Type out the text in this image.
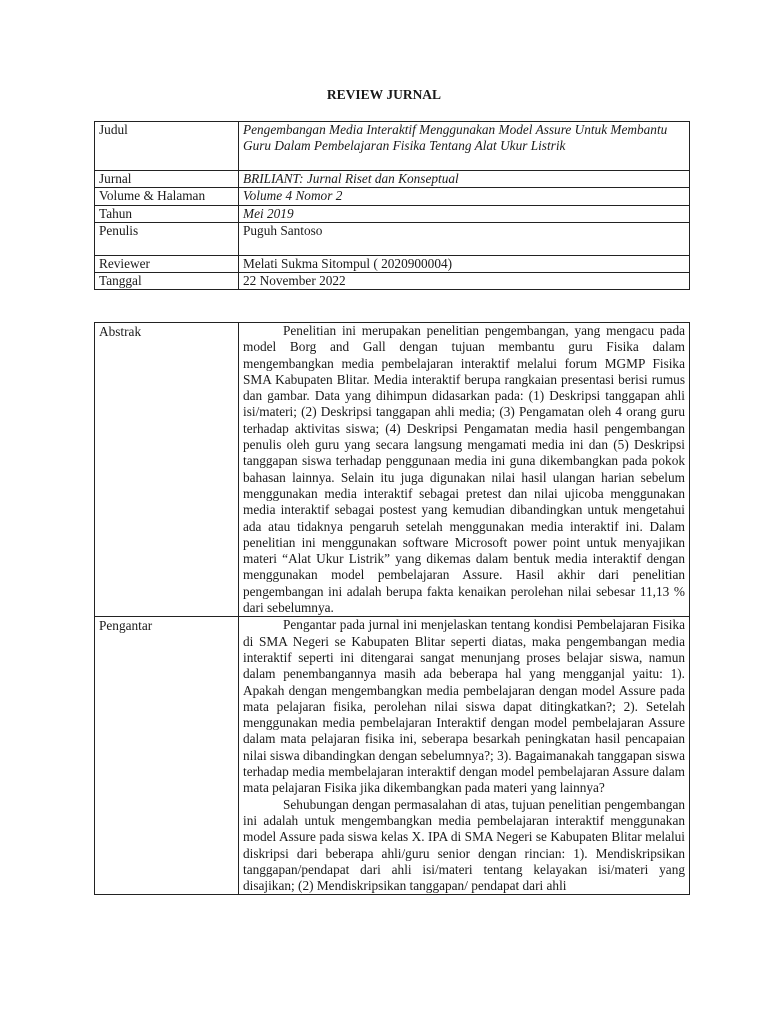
REVIEW JURNAL
Judul	Pengembangan Media Interaktif Menggunakan Model Assure Untuk Membantu Guru Dalam Pembelajaran Fisika Tentang Alat Ukur Listrik
Jurnal	BRILIANT: Jurnal Riset dan Konseptual
Volume & Halaman	Volume 4 Nomor 2
Tahun	Mei 2019
Penulis	Puguh Santoso
Reviewer	Melati Sukma Sitompul ( 2020900004)
Tanggal	22 November 2022
Abstrak	Penelitian ini merupakan penelitian pengembangan, yang mengacu pada model Borg and Gall dengan tujuan membantu guru Fisika dalam mengembangkan media pembelajaran interaktif melalui forum MGMP Fisika SMA Kabupaten Blitar. Media interaktif berupa rangkaian presentasi berisi rumus dan gambar. Data yang dihimpun didasarkan pada: (1) Deskripsi tanggapan ahli isi/materi; (2) Deskripsi tanggapan ahli media; (3) Pengamatan oleh 4 orang guru terhadap aktivitas siswa; (4) Deskripsi Pengamatan media hasil pengembangan penulis oleh guru yang secara langsung mengamati media ini dan (5) Deskripsi tanggapan siswa terhadap penggunaan media ini guna dikembangkan pada pokok bahasan lainnya. Selain itu juga digunakan nilai hasil ulangan harian sebelum menggunakan media interaktif sebagai pretest dan nilai ujicoba menggunakan media interaktif sebagai postest yang kemudian dibandingkan untuk mengetahui ada atau tidaknya pengaruh setelah menggunakan media interaktif ini. Dalam penelitian ini menggunakan software Microsoft power point untuk menyajikan materi “Alat Ukur Listrik” yang dikemas dalam bentuk media interaktif dengan menggunakan model pembelajaran Assure. Hasil akhir dari penelitian pengembangan ini adalah berupa fakta kenaikan perolehan nilai sebesar 11,13 % dari sebelumnya.

Pengantar	Pengantar pada jurnal ini menjelaskan tentang kondisi Pembelajaran Fisika di SMA Negeri se Kabupaten Blitar seperti diatas, maka pengembangan media interaktif seperti ini ditengarai sangat menunjang proses belajar siswa, namun dalam penembangannya masih ada beberapa hal yang mengganjal yaitu: 1). Apakah dengan mengembangkan media pembelajaran dengan model Assure pada mata pelajaran fisika, perolehan nilai siswa dapat ditingkatkan?; 2). Setelah menggunakan media pembelajaran Interaktif dengan model pembelajaran Assure dalam mata pelajaran fisika ini, seberapa besarkah peningkatan hasil pencapaian nilai siswa dibandingkan dengan sebelumnya?; 3). Bagaimanakah tanggapan siswa terhadap media membelajaran interaktif dengan model pembelajaran Assure dalam mata pelajaran Fisika jika dikembangkan pada materi yang lainnya?

Sehubungan dengan permasalahan di atas, tujuan penelitian pengembangan ini adalah untuk mengembangkan media pembelajaran interaktif menggunakan model Assure pada siswa kelas X. IPA di SMA Negeri se Kabupaten Blitar melalui diskripsi dari beberapa ahli/guru senior dengan rincian: 1). Mendiskripsikan tanggapan/pendapat dari ahli isi/materi tentang kelayakan isi/materi yang disajikan; (2) Mendiskripsikan tanggapan/ pendapat dari ahli
